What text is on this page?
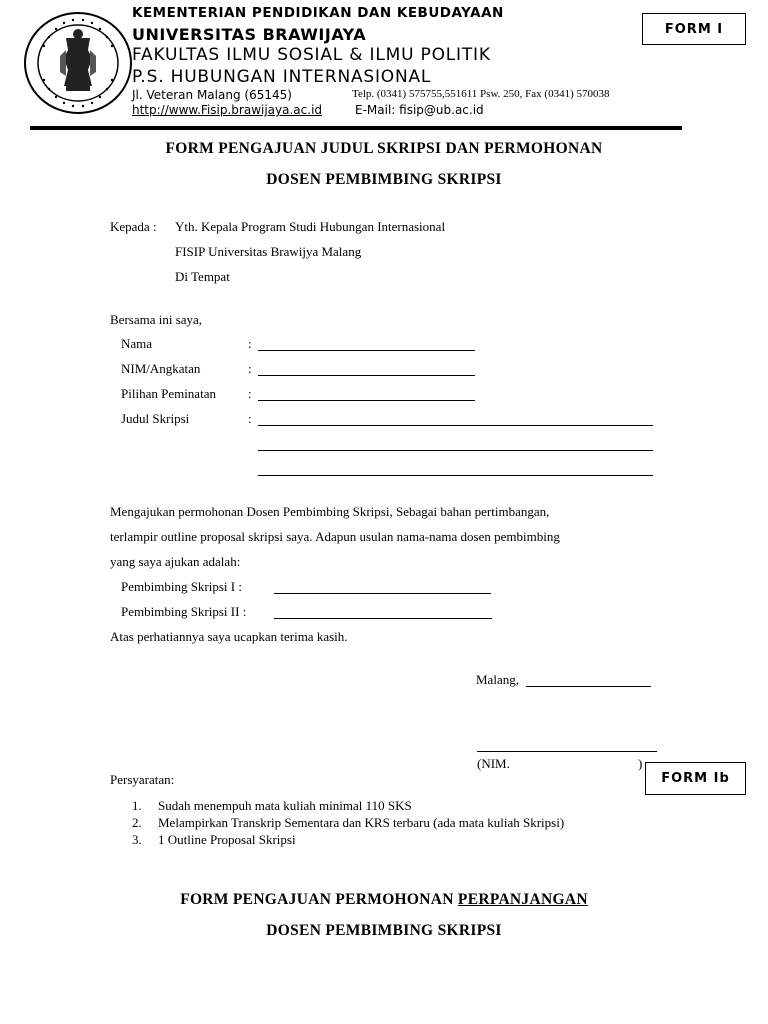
KEMENTERIAN PENDIDIKAN DAN KEBUDAYAAN
UNIVERSITAS BRAWIJAYA
FAKULTAS ILMU SOSIAL & ILMU POLITIK
P.S. HUBUNGAN INTERNASIONAL
Jl. Veteran Malang (65145)	Telp. (0341) 575755,551611 Psw. 250, Fax (0341) 570038
http://www.Fisip.brawijaya.ac.id	E-Mail: fisip@ub.ac.id
FORM I
FORM PENGAJUAN JUDUL SKRIPSI DAN PERMOHONAN
DOSEN PEMBIMBING SKRIPSI
Kepada : Yth. Kepala Program Studi Hubungan Internasional
FISIP Universitas Brawijya Malang
Di Tempat
Bersama ini saya,
Nama	:
NIM/Angkatan	:
Pilihan Peminatan :
Judul Skripsi	:
Mengajukan permohonan Dosen Pembimbing Skripsi, Sebagai bahan pertimbangan,
terlampir outline proposal skripsi saya. Adapun usulan nama-nama dosen pembimbing
yang saya ajukan adalah:
Pembimbing Skripsi I :
Pembimbing Skripsi II :
Atas perhatiannya saya ucapkan terima kasih.
Malang,
(NIM.	)
FORM Ib
Persyaratan:
1. Sudah menempuh mata kuliah minimal 110 SKS
2. Melampirkan Transkrip Sementara dan KRS terbaru (ada mata kuliah Skripsi)
3. 1 Outline Proposal Skripsi
FORM PENGAJUAN PERMOHONAN PERPANJANGAN
DOSEN PEMBIMBING SKRIPSI
